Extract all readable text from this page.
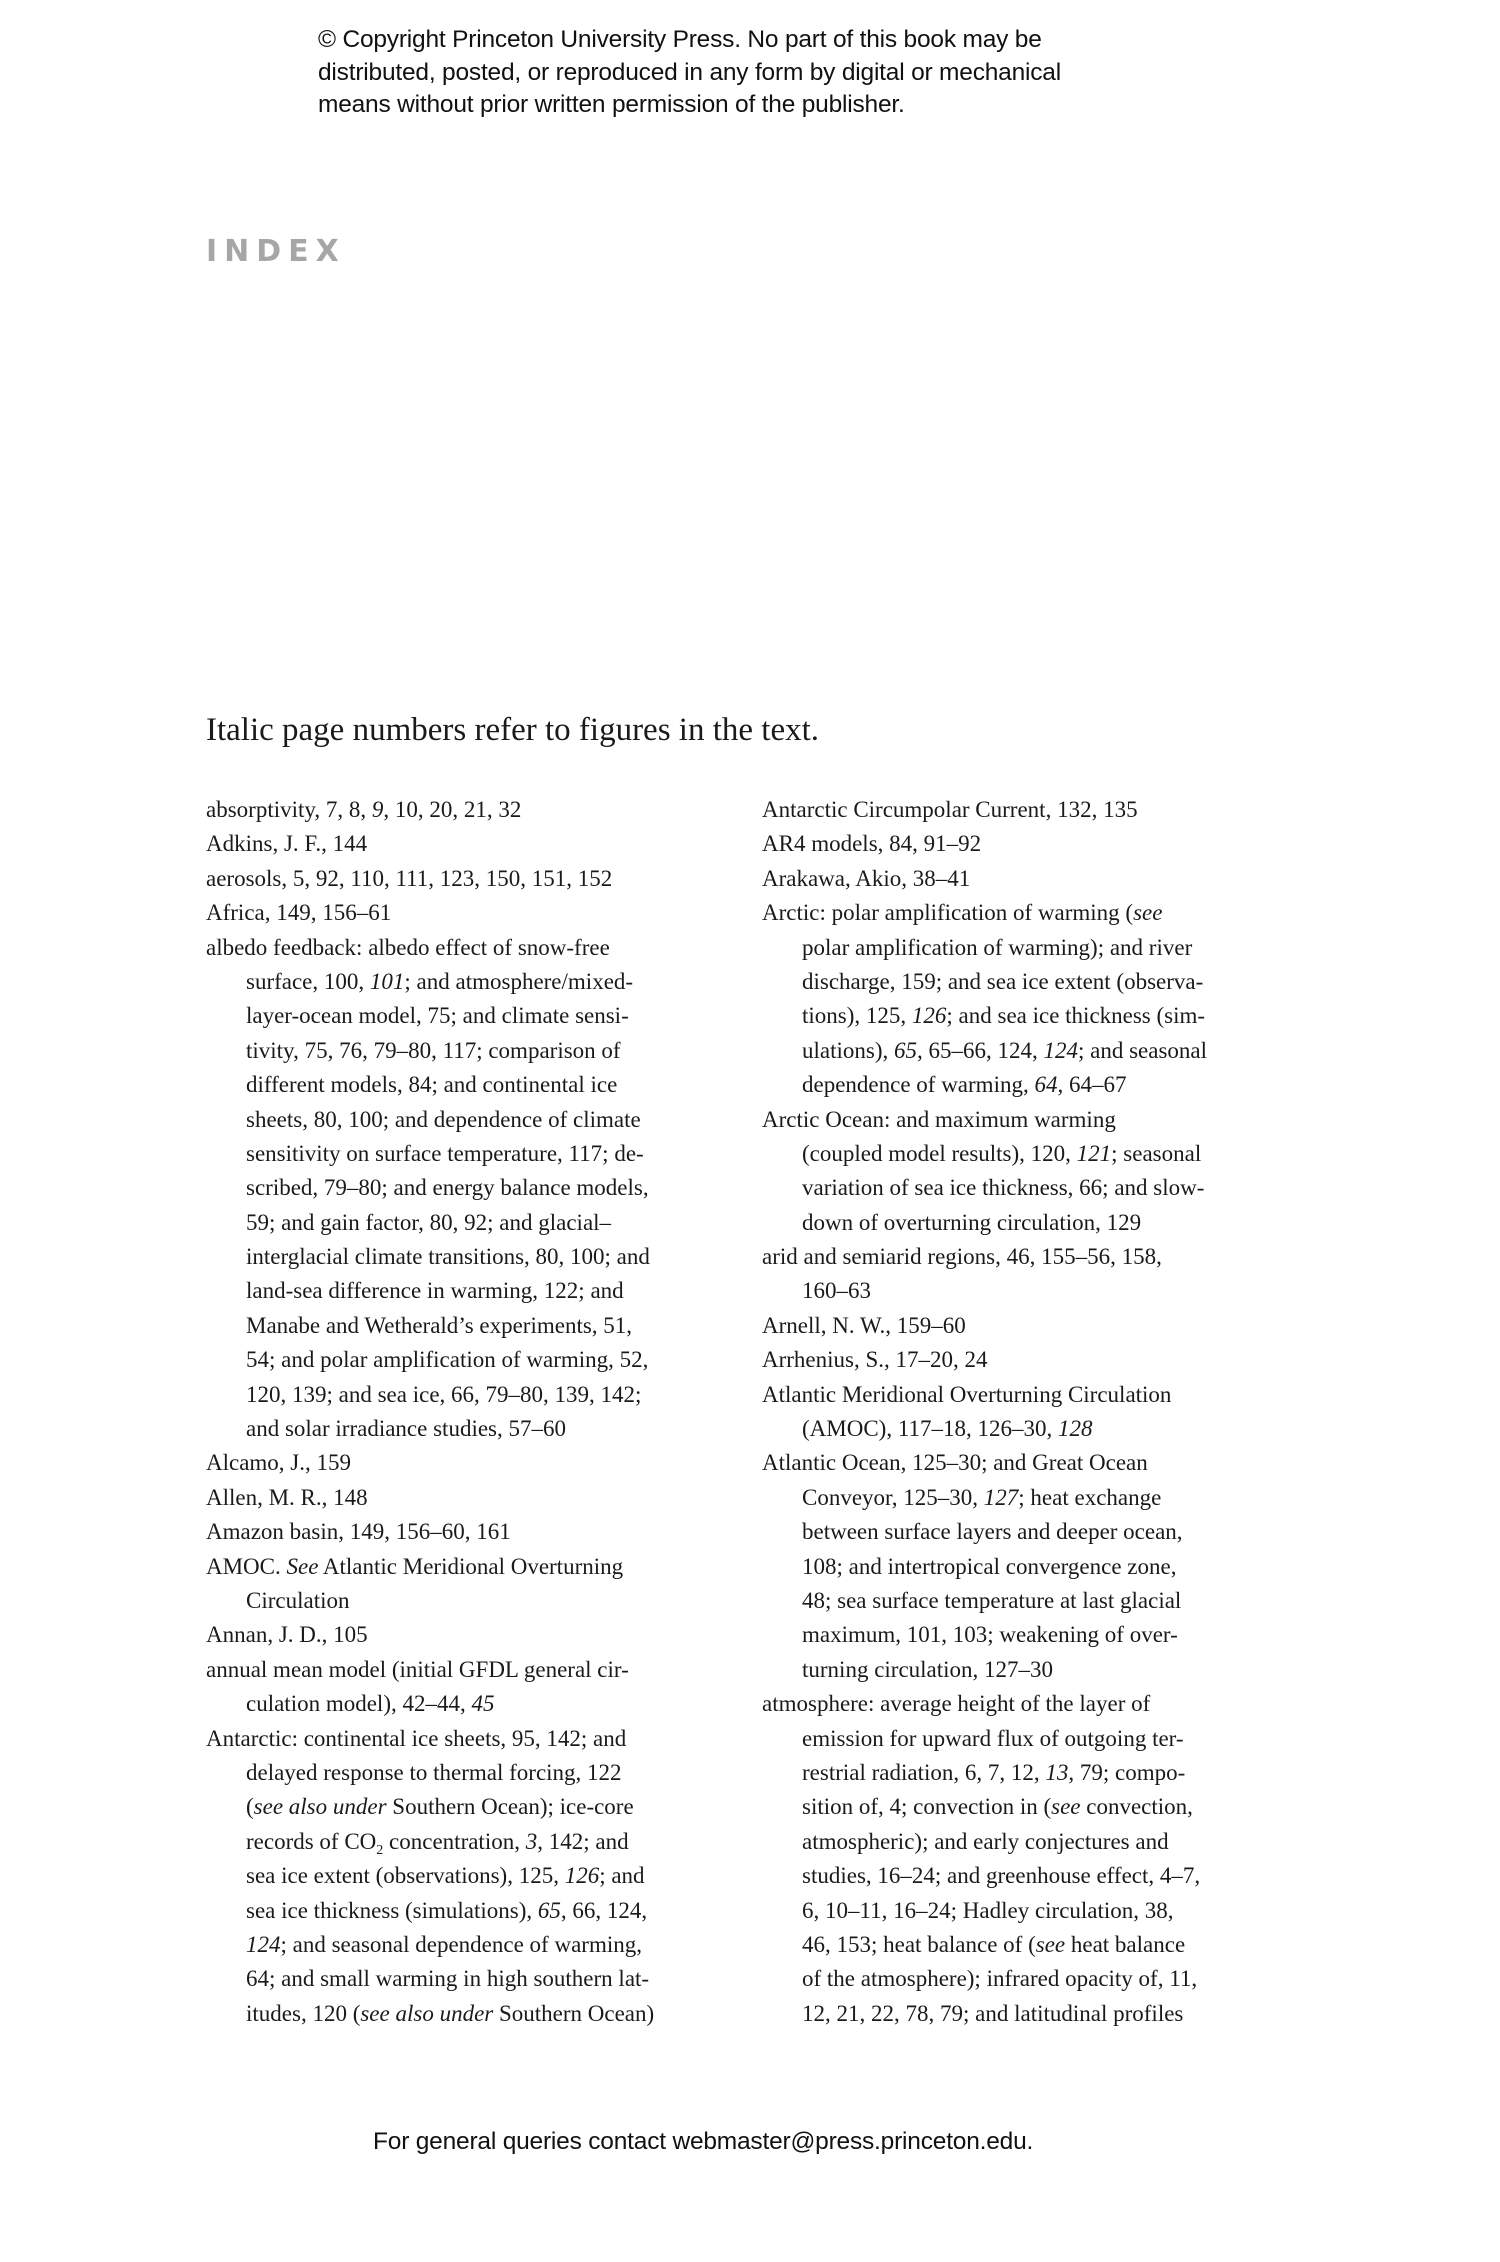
© Copyright Princeton University Press. No part of this book may be
distributed, posted, or reproduced in any form by digital or mechanical
means without prior written permission of the publisher.
INDEX
Italic page numbers refer to figures in the text.
absorptivity, 7, 8, 9, 10, 20, 21, 32
Adkins, J. F., 144
aerosols, 5, 92, 110, 111, 123, 150, 151, 152
Africa, 149, 156–61
albedo feedback: albedo effect of snow-free
surface, 100, 101; and atmosphere/mixed-
layer-ocean model, 75; and climate sensi-
tivity, 75, 76, 79–80, 117; comparison of
different models, 84; and continental ice
sheets, 80, 100; and dependence of climate
sensitivity on surface temperature, 117; de-
scribed, 79–80; and energy balance models,
59; and gain factor, 80, 92; and glacial–
interglacial climate transitions, 80, 100; and
land-sea difference in warming, 122; and
Manabe and Wetherald’s experiments, 51,
54; and polar amplification of warming, 52,
120, 139; and sea ice, 66, 79–80, 139, 142;
and solar irradiance studies, 57–60
Alcamo, J., 159
Allen, M. R., 148
Amazon basin, 149, 156–60, 161
AMOC. See Atlantic Meridional Overturning
Circulation
Annan, J. D., 105
annual mean model (initial GFDL general cir-
culation model), 42–44, 45
Antarctic: continental ice sheets, 95, 142; and
delayed response to thermal forcing, 122
(see also under Southern Ocean); ice-core
records of $CO_2$ concentration, 3, 142; and
sea ice extent (observations), 125, 126; and
sea ice thickness (simulations), 65, 66, 124,
124; and seasonal dependence of warming,
64; and small warming in high southern lat-
itudes, 120 (see also under Southern Ocean)
Antarctic Circumpolar Current, 132, 135
AR4 models, 84, 91–92
Arakawa, Akio, 38–41
Arctic: polar amplification of warming (see
polar amplification of warming); and river
discharge, 159; and sea ice extent (observa-
tions), 125, 126; and sea ice thickness (sim-
ulations), 65, 65–66, 124, 124; and seasonal
dependence of warming, 64, 64–67
Arctic Ocean: and maximum warming
(coupled model results), 120, 121; seasonal
variation of sea ice thickness, 66; and slow-
down of overturning circulation, 129
arid and semiarid regions, 46, 155–56, 158,
160–63
Arnell, N. W., 159–60
Arrhenius, S., 17–20, 24
Atlantic Meridional Overturning Circulation
(AMOC), 117–18, 126–30, 128
Atlantic Ocean, 125–30; and Great Ocean
Conveyor, 125–30, 127; heat exchange
between surface layers and deeper ocean,
108; and intertropical convergence zone,
48; sea surface temperature at last glacial
maximum, 101, 103; weakening of over-
turning circulation, 127–30
atmosphere: average height of the layer of
emission for upward flux of outgoing ter-
restrial radiation, 6, 7, 12, 13, 79; compo-
sition of, 4; convection in (see convection,
atmospheric); and early conjectures and
studies, 16–24; and greenhouse effect, 4–7,
6, 10–11, 16–24; Hadley circulation, 38,
46, 153; heat balance of (see heat balance
of the atmosphere); infrared opacity of, 11,
12, 21, 22, 78, 79; and latitudinal profiles
For general queries contact webmaster@press.princeton.edu.
